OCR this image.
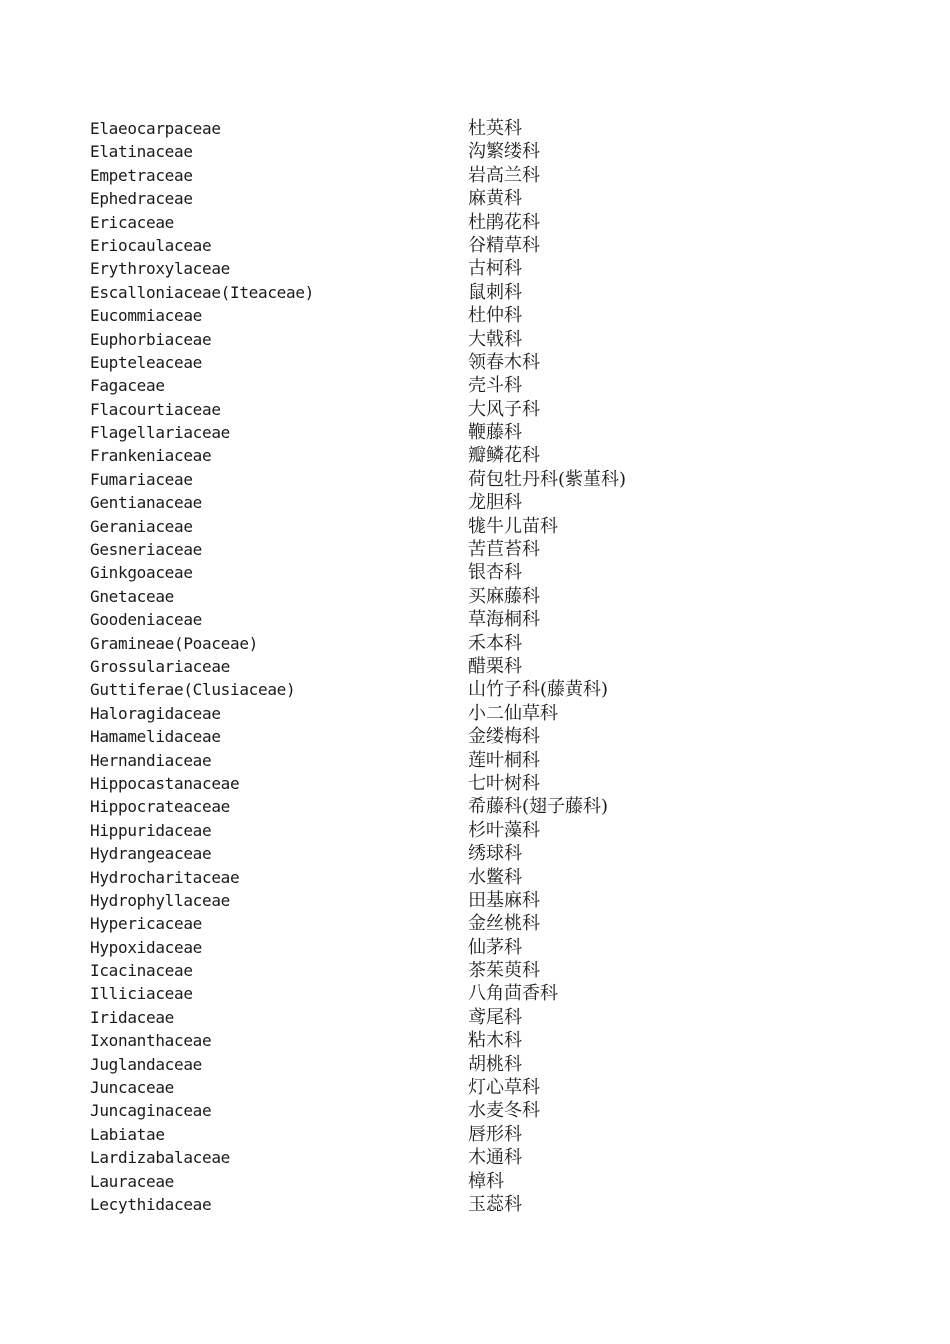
Elaeocarpaceae	杜英科
Elatinaceae	沟繁缕科
Empetraceae	岩高兰科
Ephedraceae	麻黄科
Ericaceae	杜鹃花科
Eriocaulaceae	谷精草科
Erythroxylaceae	古柯科
Escalloniaceae(Iteaceae)	鼠刺科
Eucommiaceae	杜仲科
Euphorbiaceae	大戟科
Eupteleaceae	领春木科
Fagaceae	壳斗科
Flacourtiaceae	大风子科
Flagellariaceae	鞭藤科
Frankeniaceae	瓣鳞花科
Fumariaceae	荷包牡丹科(紫堇科)
Gentianaceae	龙胆科
Geraniaceae	牻牛儿苗科
Gesneriaceae	苦苣苔科
Ginkgoaceae	银杏科
Gnetaceae	买麻藤科
Goodeniaceae	草海桐科
Gramineae(Poaceae)	禾本科
Grossulariaceae	醋栗科
Guttiferae(Clusiaceae)	山竹子科(藤黄科)
Haloragidaceae	小二仙草科
Hamamelidaceae	金缕梅科
Hernandiaceae	莲叶桐科
Hippocastanaceae	七叶树科
Hippocrateaceae	希藤科(翅子藤科)
Hippuridaceae	杉叶藻科
Hydrangeaceae	绣球科
Hydrocharitaceae	水鳖科
Hydrophyllaceae	田基麻科
Hypericaceae	金丝桃科
Hypoxidaceae	仙茅科
Icacinaceae	茶茱萸科
Illiciaceae	八角茴香科
Iridaceae	鸢尾科
Ixonanthaceae	粘木科
Juglandaceae	胡桃科
Juncaceae	灯心草科
Juncaginaceae	水麦冬科
Labiatae	唇形科
Lardizabalaceae	木通科
Lauraceae	樟科
Lecythidaceae	玉蕊科
